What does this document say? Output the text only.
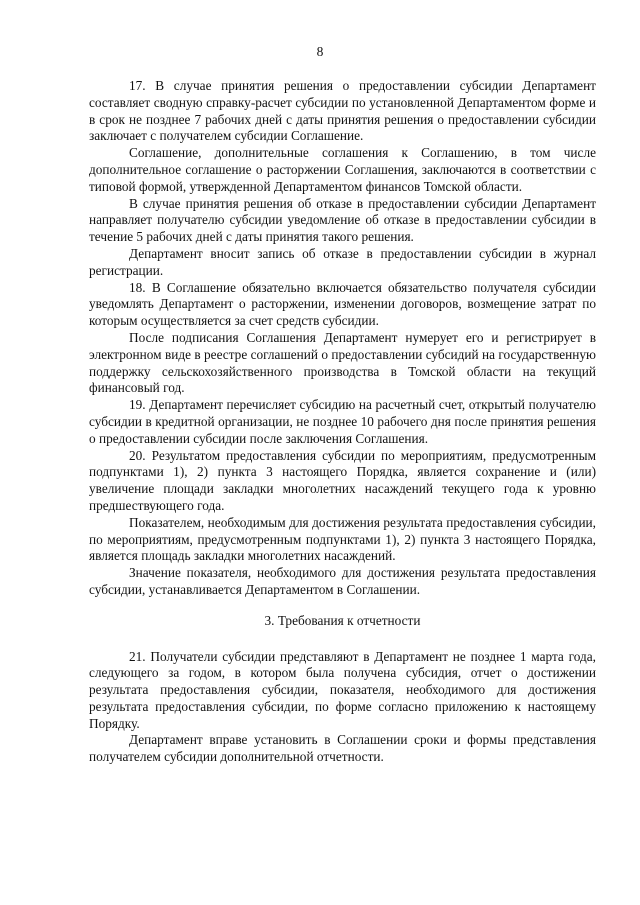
8

17. В случае принятия решения о предоставлении субсидии Департамент составляет сводную справку-расчет субсидии по установленной Департаментом форме и в срок не позднее 7 рабочих дней с даты принятия решения о предоставлении субсидии заключает с получателем субсидии Соглашение.

Соглашение, дополнительные соглашения к Соглашению, в том числе дополнительное соглашение о расторжении Соглашения, заключаются в соответствии с типовой формой, утвержденной Департаментом финансов Томской области.

В случае принятия решения об отказе в предоставлении субсидии Департамент направляет получателю субсидии уведомление об отказе в предоставлении субсидии в течение 5 рабочих дней с даты принятия такого решения.

Департамент вносит запись об отказе в предоставлении субсидии в журнал регистрации.

18. В Соглашение обязательно включается обязательство получателя субсидии уведомлять Департамент о расторжении, изменении договоров, возмещение затрат по которым осуществляется за счет средств субсидии.

После подписания Соглашения Департамент нумерует его и регистрирует в электронном виде в реестре соглашений о предоставлении субсидий на государственную поддержку сельскохозяйственного производства в Томской области на текущий финансовый год.

19. Департамент перечисляет субсидию на расчетный счет, открытый получателю субсидии в кредитной организации, не позднее 10 рабочего дня после принятия решения о предоставлении субсидии после заключения Соглашения.

20. Результатом предоставления субсидии по мероприятиям, предусмотренным подпунктами 1), 2) пункта 3 настоящего Порядка, является сохранение и (или) увеличение площади закладки многолетних насаждений текущего года к уровню предшествующего года.

Показателем, необходимым для достижения результата предоставления субсидии, по мероприятиям, предусмотренным подпунктами 1), 2) пункта 3 настоящего Порядка, является площадь закладки многолетних насаждений.

Значение показателя, необходимого для достижения результата предоставления субсидии, устанавливается Департаментом в Соглашении.

3. Требования к отчетности

21. Получатели субсидии представляют в Департамент не позднее 1 марта года, следующего за годом, в котором была получена субсидия, отчет о достижении результата предоставления субсидии, показателя, необходимого для достижения результата предоставления субсидии, по форме согласно приложению к настоящему Порядку.

Департамент вправе установить в Соглашении сроки и формы представления получателем субсидии дополнительной отчетности.
